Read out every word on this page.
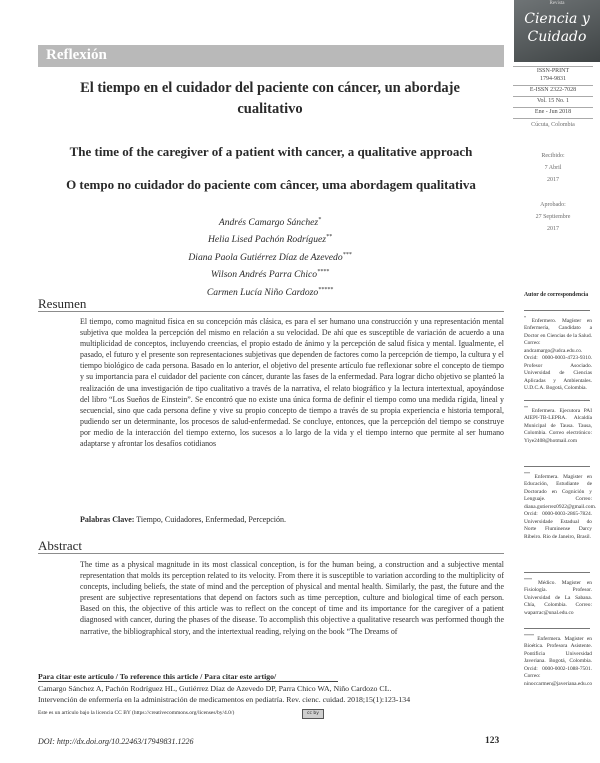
Reflexión
Revista
Ciencia y
Cuidado
El tiempo en el cuidador del paciente con cáncer, un abordaje
cualitativo
The time of the caregiver of a patient with cancer, a qualitative approach
O tempo no cuidador do paciente com câncer, uma abordagem qualitativa
Andrés Camargo Sánchez*
Helia Lised Pachón Rodríguez**
Diana Paola Gutiérrez Díaz de Azevedo***
Wilson Andrés Parra Chico****
Carmen Lucía Niño Cardozo*****
Resumen
El tiempo, como magnitud física en su concepción más clásica, es para el ser humano una construcción y una representación mental subjetiva que moldea la percepción del mismo en relación a su velocidad. De ahí que es susceptible de variación de acuerdo a una multiplicidad de conceptos, incluyendo creencias, el propio estado de ánimo y la percepción de salud física y mental. Igualmente, el pasado, el futuro y el presente son representaciones subjetivas que dependen de factores como la percepción de tiempo, la cultura y el tiempo biológico de cada persona. Basado en lo anterior, el objetivo del presente artículo fue reflexionar sobre el concepto de tiempo y su importancia para el cuidador del paciente con cáncer, durante las fases de la enfermedad. Para lograr dicho objetivo se planteó la realización de una investigación de tipo cualitativo a través de la narrativa, el relato biográfico y la lectura intertextual, apoyándose del libro “Los Sueños de Einstein”. Se encontró que no existe una única forma de definir el tiempo como una medida rígida, lineal y secuencial, sino que cada persona define y vive su propio concepto de tiempo a través de su propia experiencia e historia temporal, pudiendo ser un determinante, los procesos de salud-enfermedad. Se concluye, entonces, que la percepción del tiempo se construye por medio de la interacción del tiempo externo, los sucesos a lo largo de la vida y el tiempo interno que permite al ser humano adaptarse y afrontar los desafíos cotidianos
Palabras Clave: Tiempo, Cuidadores, Enfermedad, Percepción.
Abstract
The time as a physical magnitude in its most classical conception, is for the human being, a construction and a subjective mental representation that molds its perception related to its velocity. From there it is susceptible to variation according to the multiplicity of concepts, including beliefs, the state of mind and the perception of physical and mental health. Similarly, the past, the future and the present are subjective representations that depend on factors such as time perception, culture and biological time of each person. Based on this, the objective of this article was to reflect on the concept of time and its importance for the caregiver of a patient diagnosed with cancer, during the phases of the disease. To accomplish this objective a qualitative research was performed though the narrative, the bibliographical story, and the intertextual reading, relying on the book “The Dreams of
Para citar este artículo / To reference this article / Para citar este artigo/
Camargo Sánchez A, Pachón Rodríguez HL, Gutiérrez Díaz de Azevedo DP, Parra Chico WA, Niño Cardozo CL.
Intervención de enfermería en la administración de medicamentos en pediatría. Rev. cienc. cuidad. 2018;15(1):123-134
Este es un artículo bajo la licencia CC BY (https://creativecommons.org/licenses/by/4.0/)	cc by
DOI: http://dx.doi.org/10.22463/17949831.1226	123
ISSN-PRINT
1794-9831
E-ISSN 2322-7028
Vol. 15 No. 1
Ene - Jun 2018
Cúcuta, Colombia
Recibido:
7 Abril
2017
Aprobado:
27 Septiembre
2017
Autor de correspondencia
* Enfermero. Magíster en Enfermería, Candidato a Doctor en Ciencias de la Salud. Correo: andcamargo@udca.edu.co. Orcid: 0000-0003-4723-9310. Profesor Asociado. Universidad de Ciencias Aplicadas y Ambientales. U.D.C.A. Bogotá, Colombia.
** Enfermera. Ejecutora PAI AIEPI-TB-LEPRA. Alcaldía Municipal de Tausa. Tausa, Colombia. Correo electrónico: Yiye2408@hotmail.com
*** Enfermera. Magister en Educación, Estudiante de Doctorado en Cognición y Lenguaje. Correo: diana.gutierrez0922@gmail.com. Orcid: 0000-0003-2865-7824. Universidade Estadual do Norte Fluminense Darcy Ribeiro. Rio de Janeiro, Brasil.
**** Médico. Magister en Fisiología. Profesor. Universidad de La Sabana. Chía, Colombia. Correo: waparrac@unal.edu.co
***** Enfermera. Magister en Bioética. Profesora Asistente. Pontificia Universidad Javeriana. Bogotá, Colombia. Orcid: 0000-0002-1088-7501. Correo: ninoccarmen@javeriana.edu.co
